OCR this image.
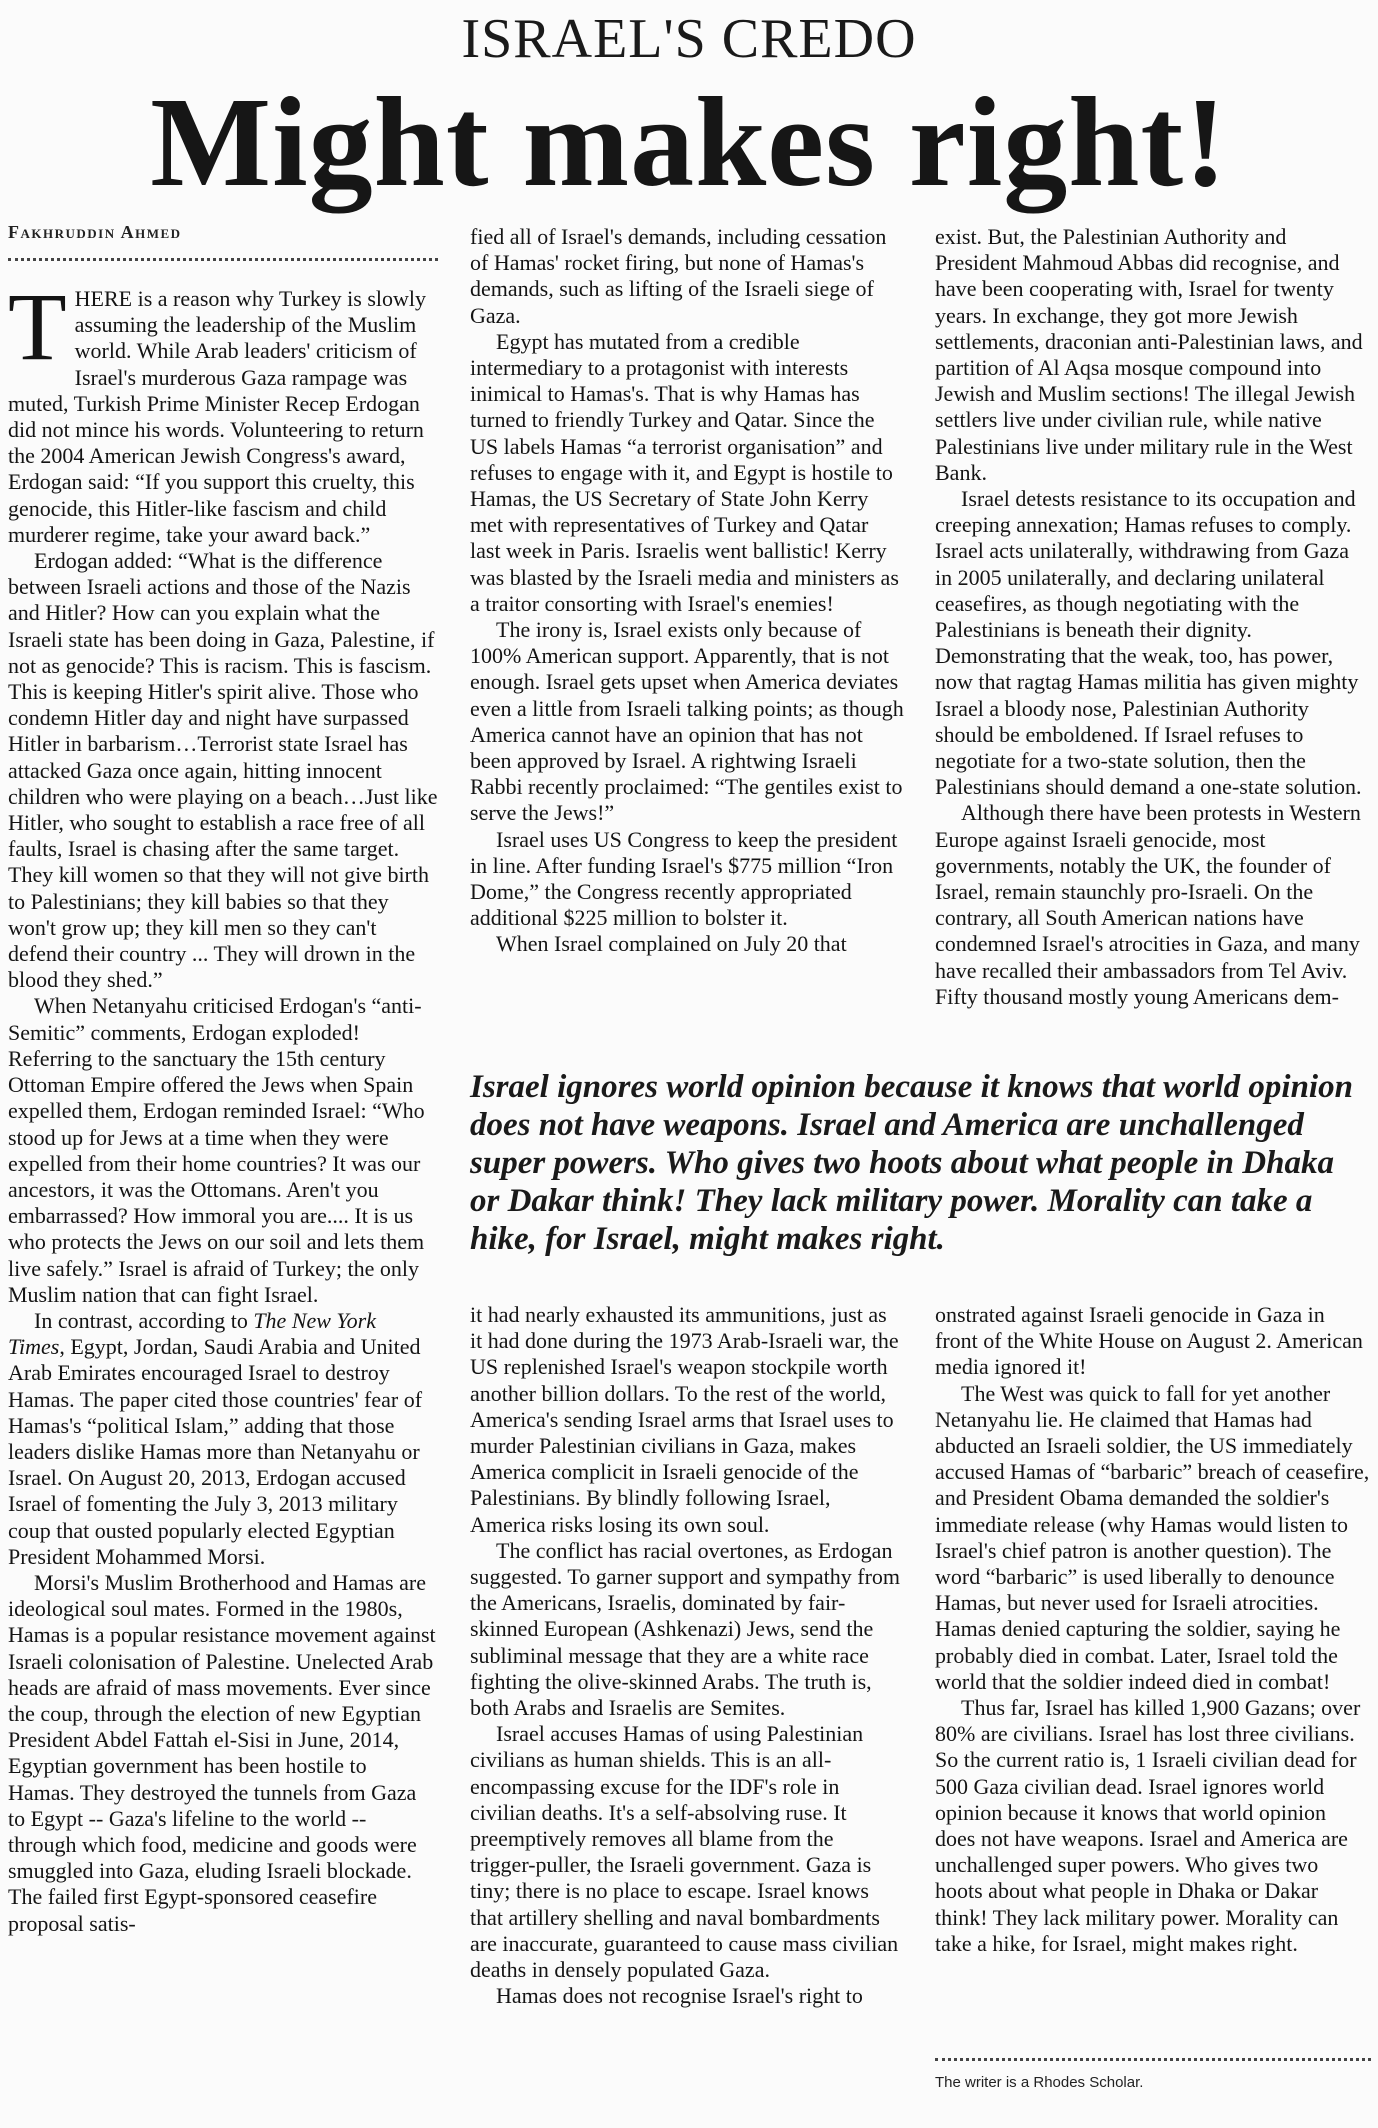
ISRAEL'S CREDO
Might makes right!
Fakhruddin Ahmed

THERE is a reason why Turkey is slowly assuming the leadership of the Muslim world. While Arab leaders' criticism of Israel's murderous Gaza rampage was muted, Turkish Prime Minister Recep Erdogan did not mince his words. Volunteering to return the 2004 American Jewish Congress's award, Erdogan said: “If you support this cruelty, this genocide, this Hitler-like fascism and child murderer regime, take your award back.”

Erdogan added: “What is the difference between Israeli actions and those of the Nazis and Hitler? How can you explain what the Israeli state has been doing in Gaza, Palestine, if not as genocide? This is racism. This is fascism. This is keeping Hitler's spirit alive. Those who condemn Hitler day and night have surpassed Hitler in barbarism…Terrorist state Israel has attacked Gaza once again, hitting innocent children who were playing on a beach…Just like Hitler, who sought to establish a race free of all faults, Israel is chasing after the same target. They kill women so that they will not give birth to Palestinians; they kill babies so that they won't grow up; they kill men so they can't defend their country ... They will drown in the blood they shed.”

When Netanyahu criticised Erdogan's “anti-Semitic” comments, Erdogan exploded! Referring to the sanctuary the 15th century Ottoman Empire offered the Jews when Spain expelled them, Erdogan reminded Israel: “Who stood up for Jews at a time when they were expelled from their home countries? It was our ancestors, it was the Ottomans. Aren't you embarrassed? How immoral you are.... It is us who protects the Jews on our soil and lets them live safely.” Israel is afraid of Turkey; the only Muslim nation that can fight Israel.

In contrast, according to The New York Times, Egypt, Jordan, Saudi Arabia and United Arab Emirates encouraged Israel to destroy Hamas. The paper cited those countries' fear of Hamas's “political Islam,” adding that those leaders dislike Hamas more than Netanyahu or Israel. On August 20, 2013, Erdogan accused Israel of fomenting the July 3, 2013 military coup that ousted popularly elected Egyptian President Mohammed Morsi.

Morsi's Muslim Brotherhood and Hamas are ideological soul mates. Formed in the 1980s, Hamas is a popular resistance movement against Israeli colonisation of Palestine. Unelected Arab heads are afraid of mass movements. Ever since the coup, through the election of new Egyptian President Abdel Fattah el-Sisi in June, 2014, Egyptian government has been hostile to Hamas. They destroyed the tunnels from Gaza to Egypt -- Gaza's lifeline to the world -- through which food, medicine and goods were smuggled into Gaza, eluding Israeli blockade. The failed first Egypt-sponsored ceasefire proposal satis-

fied all of Israel's demands, including cessation of Hamas' rocket firing, but none of Hamas's demands, such as lifting of the Israeli siege of Gaza.

Egypt has mutated from a credible intermediary to a protagonist with interests inimical to Hamas's. That is why Hamas has turned to friendly Turkey and Qatar. Since the US labels Hamas “a terrorist organisation” and refuses to engage with it, and Egypt is hostile to Hamas, the US Secretary of State John Kerry met with representatives of Turkey and Qatar last week in Paris. Israelis went ballistic! Kerry was blasted by the Israeli media and ministers as a traitor consorting with Israel's enemies!

The irony is, Israel exists only because of 100% American support. Apparently, that is not enough. Israel gets upset when America deviates even a little from Israeli talking points; as though America cannot have an opinion that has not been approved by Israel. A rightwing Israeli Rabbi recently proclaimed: “The gentiles exist to serve the Jews!”

Israel uses US Congress to keep the president in line. After funding Israel's $775 million “Iron Dome,” the Congress recently appropriated additional $225 million to bolster it.

When Israel complained on July 20 that

exist. But, the Palestinian Authority and President Mahmoud Abbas did recognise, and have been cooperating with, Israel for twenty years. In exchange, they got more Jewish settlements, draconian anti-Palestinian laws, and partition of Al Aqsa mosque compound into Jewish and Muslim sections! The illegal Jewish settlers live under civilian rule, while native Palestinians live under military rule in the West Bank.

Israel detests resistance to its occupation and creeping annexation; Hamas refuses to comply. Israel acts unilaterally, withdrawing from Gaza in 2005 unilaterally, and declaring unilateral ceasefires, as though negotiating with the Palestinians is beneath their dignity. Demonstrating that the weak, too, has power, now that ragtag Hamas militia has given mighty Israel a bloody nose, Palestinian Authority should be emboldened. If Israel refuses to negotiate for a two-state solution, then the Palestinians should demand a one-state solution.

Although there have been protests in Western Europe against Israeli genocide, most governments, notably the UK, the founder of Israel, remain staunchly pro-Israeli. On the contrary, all South American nations have condemned Israel's atrocities in Gaza, and many have recalled their ambassadors from Tel Aviv. Fifty thousand mostly young Americans dem-

Israel ignores world opinion because it knows that world opinion does not have weapons. Israel and America are unchallenged super powers. Who gives two hoots about what people in Dhaka or Dakar think! They lack military power. Morality can take a hike, for Israel, might makes right.

it had nearly exhausted its ammunitions, just as it had done during the 1973 Arab-Israeli war, the US replenished Israel's weapon stockpile worth another billion dollars. To the rest of the world, America's sending Israel arms that Israel uses to murder Palestinian civilians in Gaza, makes America complicit in Israeli genocide of the Palestinians. By blindly following Israel, America risks losing its own soul.

The conflict has racial overtones, as Erdogan suggested. To garner support and sympathy from the Americans, Israelis, dominated by fair-skinned European (Ashkenazi) Jews, send the subliminal message that they are a white race fighting the olive-skinned Arabs. The truth is, both Arabs and Israelis are Semites.

Israel accuses Hamas of using Palestinian civilians as human shields. This is an all-encompassing excuse for the IDF's role in civilian deaths. It's a self-absolving ruse. It preemptively removes all blame from the trigger-puller, the Israeli government. Gaza is tiny; there is no place to escape. Israel knows that artillery shelling and naval bombardments are inaccurate, guaranteed to cause mass civilian deaths in densely populated Gaza.

Hamas does not recognise Israel's right to

onstrated against Israeli genocide in Gaza in front of the White House on August 2. American media ignored it!

The West was quick to fall for yet another Netanyahu lie. He claimed that Hamas had abducted an Israeli soldier, the US immediately accused Hamas of “barbaric” breach of ceasefire, and President Obama demanded the soldier's immediate release (why Hamas would listen to Israel's chief patron is another question). The word “barbaric” is used liberally to denounce Hamas, but never used for Israeli atrocities. Hamas denied capturing the soldier, saying he probably died in combat. Later, Israel told the world that the soldier indeed died in combat!

Thus far, Israel has killed 1,900 Gazans; over 80% are civilians. Israel has lost three civilians. So the current ratio is, 1 Israeli civilian dead for 500 Gaza civilian dead. Israel ignores world opinion because it knows that world opinion does not have weapons. Israel and America are unchallenged super powers. Who gives two hoots about what people in Dhaka or Dakar think! They lack military power. Morality can take a hike, for Israel, might makes right.

The writer is a Rhodes Scholar.
